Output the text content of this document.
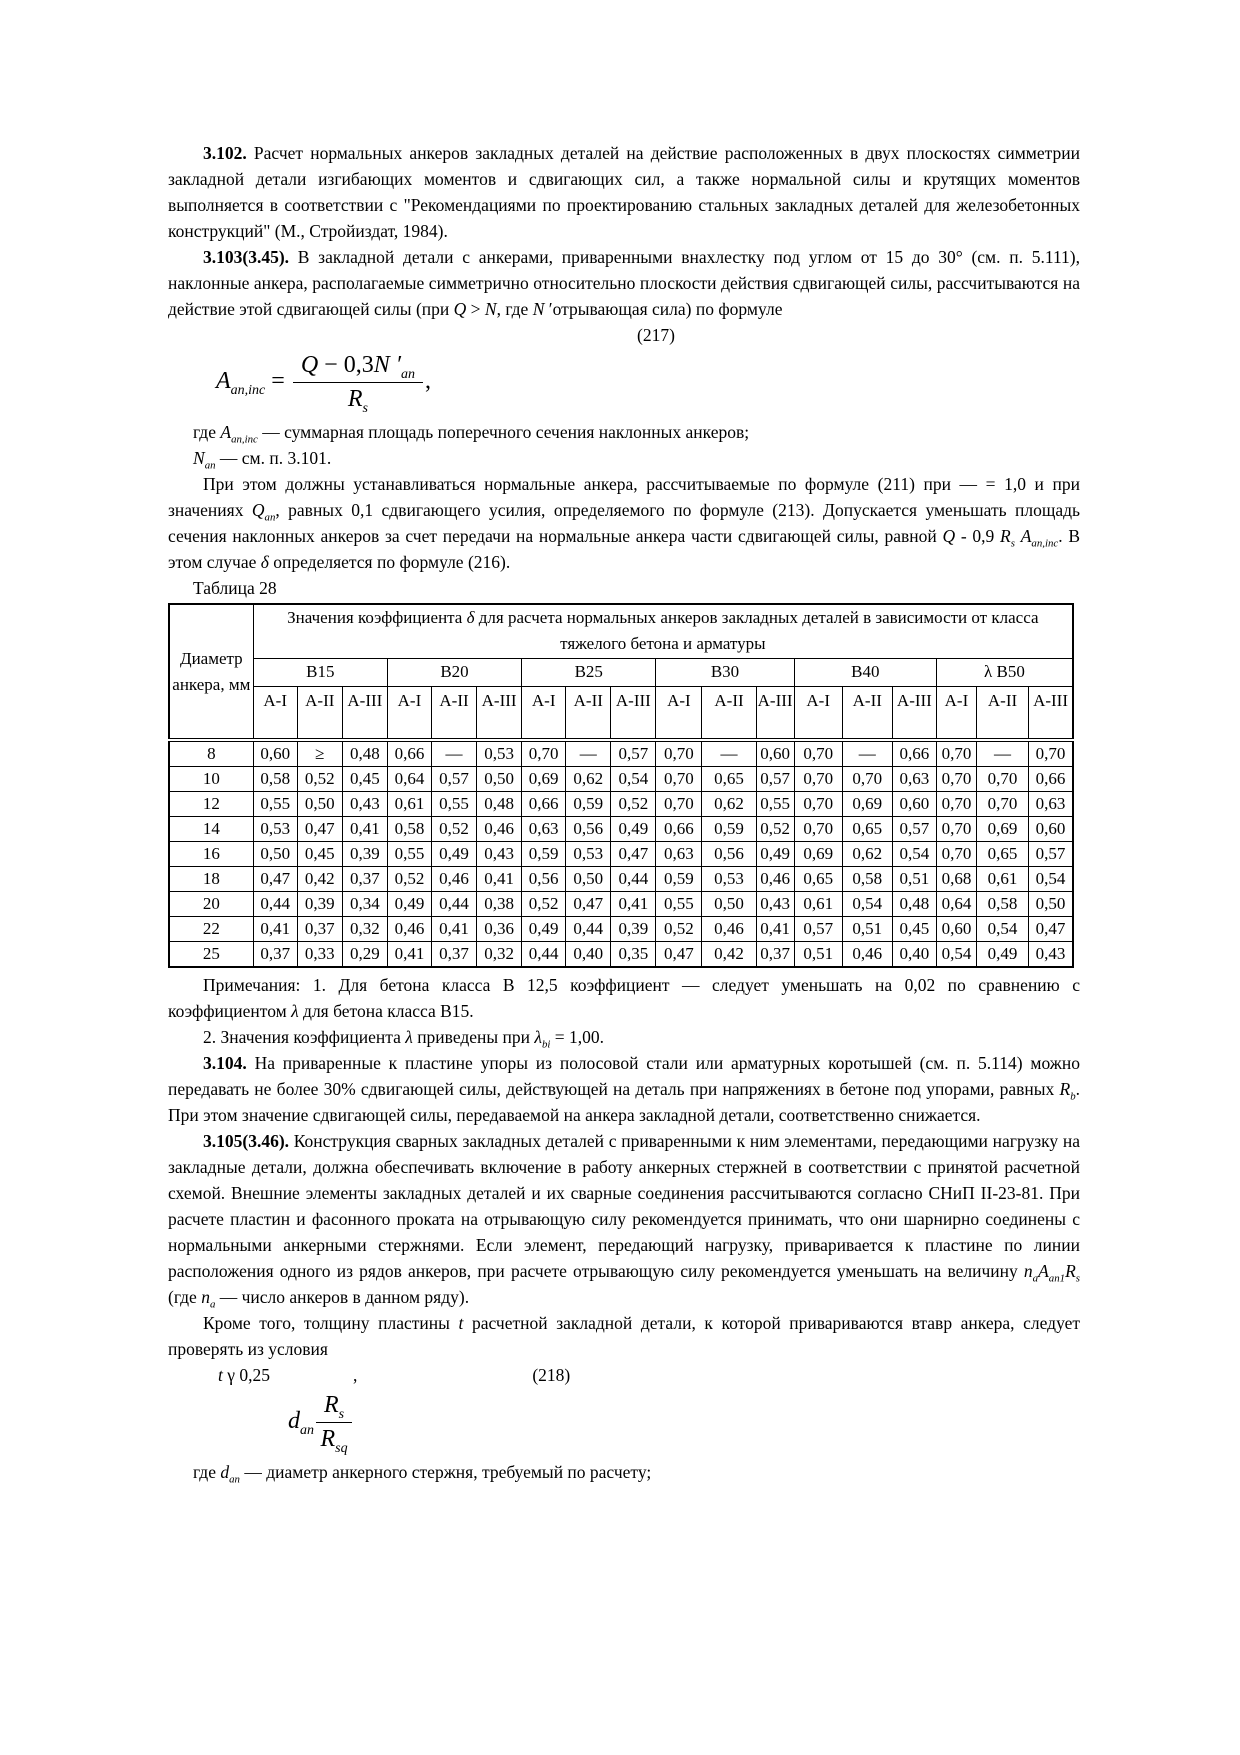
3.102. Расчет нормальных анкеров закладных деталей на действие расположенных в двух плоскостях симметрии закладной детали изгибающих моментов и сдвигающих сил, а также нормальной силы и крутящих моментов выполняется в соответствии с "Рекомендациями по проектированию стальных закладных деталей для железобетонных конструкций" (М., Стройиздат, 1984).

3.103(3.45). В закладной детали с анкерами, приваренными внахлестку под углом от 15 до 30° (см. п. 5.111), наклонные анкера, располагаемые симметрично относительно плоскости действия сдвигающей силы, рассчитываются на действие этой сдвигающей силы (при Q > N, где N ′отрывающая сила) по формуле

(217)
$A_{an,inc} = \frac{Q - 0,3N '_{an}}{R_s}$ ,

где $A_{an,inc}$ — суммарная площадь поперечного сечения наклонных анкеров;

$N_{an}$ — см. п. 3.101.

При этом должны устанавливаться нормальные анкера, рассчитываемые по формуле (211) при — = 1,0 и при значениях $Q_{an}$, равных 0,1 сдвигающего усилия, определяемого по формуле (213). Допускается уменьшать площадь сечения наклонных анкеров за счет передачи на нормальные анкера части сдвигающей силы, равной Q - 0,9 $R_s$ $A_{an,inc}$. В этом случае δ определяется по формуле (216).

Таблица 28

Диаметр анкера, мм	Значения коэффициента δ для расчета нормальных анкеров закладных деталей в зависимости от класса тяжелого бетона и арматуры																	
	В15			В20			В25			В30			В40			λ В50		
	A-I	A-II	A-III	A-I	A-II	A-III	A-I	A-II	A-III	A-I	A-II	A-III	A-I	A-II	A-III	A-I	A-II	A-III
8	0,60	≥	0,48	0,66	—	0,53	0,70	—	0,57	0,70	—	0,60	0,70	—	0,66	0,70	—	0,70
10	0,58	0,52	0,45	0,64	0,57	0,50	0,69	0,62	0,54	0,70	0,65	0,57	0,70	0,70	0,63	0,70	0,70	0,66
12	0,55	0,50	0,43	0,61	0,55	0,48	0,66	0,59	0,52	0,70	0,62	0,55	0,70	0,69	0,60	0,70	0,70	0,63
14	0,53	0,47	0,41	0,58	0,52	0,46	0,63	0,56	0,49	0,66	0,59	0,52	0,70	0,65	0,57	0,70	0,69	0,60
16	0,50	0,45	0,39	0,55	0,49	0,43	0,59	0,53	0,47	0,63	0,56	0,49	0,69	0,62	0,54	0,70	0,65	0,57
18	0,47	0,42	0,37	0,52	0,46	0,41	0,56	0,50	0,44	0,59	0,53	0,46	0,65	0,58	0,51	0,68	0,61	0,54
20	0,44	0,39	0,34	0,49	0,44	0,38	0,52	0,47	0,41	0,55	0,50	0,43	0,61	0,54	0,48	0,64	0,58	0,50
22	0,41	0,37	0,32	0,46	0,41	0,36	0,49	0,44	0,39	0,52	0,46	0,41	0,57	0,51	0,45	0,60	0,54	0,47
25	0,37	0,33	0,29	0,41	0,37	0,32	0,44	0,40	0,35	0,47	0,42	0,37	0,51	0,46	0,40	0,54	0,49	0,43

Примечания: 1. Для бетона класса В 12,5 коэффициент — следует уменьшать на 0,02 по сравнению с коэффициентом λ для бетона класса В15.

2. Значения коэффициента λ приведены при $\lambda_{bi} = 1,00$.

3.104. На приваренные к пластине упоры из полосовой стали или арматурных коротышей (см. п. 5.114) можно передавать не более 30% сдвигающей силы, действующей на деталь при напряжениях в бетоне под упорами, равных $R_b$. При этом значение сдвигающей силы, передаваемой на анкера закладной детали, соответственно снижается.

3.105(3.46). Конструкция сварных закладных деталей с приваренными к ним элементами, передающими нагрузку на закладные детали, должна обеспечивать включение в работу анкерных стержней в соответствии с принятой расчетной схемой. Внешние элементы закладных деталей и их сварные соединения рассчитываются согласно СНиП II-23-81. При расчете пластин и фасонного проката на отрывающую силу рекомендуется принимать, что они шарнирно соединены с нормальными анкерными стержнями. Если элемент, передающий нагрузку, приваривается к пластине по линии расположения одного из рядов анкеров, при расчете отрывающую силу рекомендуется уменьшать на величину $n_aA_{an1}R_s$ (где $n_a$ — число анкеров в данном ряду).

Кроме того, толщину пластины t расчетной закладной детали, к которой привариваются втавр анкера, следует проверять из условия

t γ 0,25	,	(218)
$d_{an} \frac{R_s}{R_{sq}}$

где $d_{an}$ — диаметр анкерного стержня, требуемый по расчету;
